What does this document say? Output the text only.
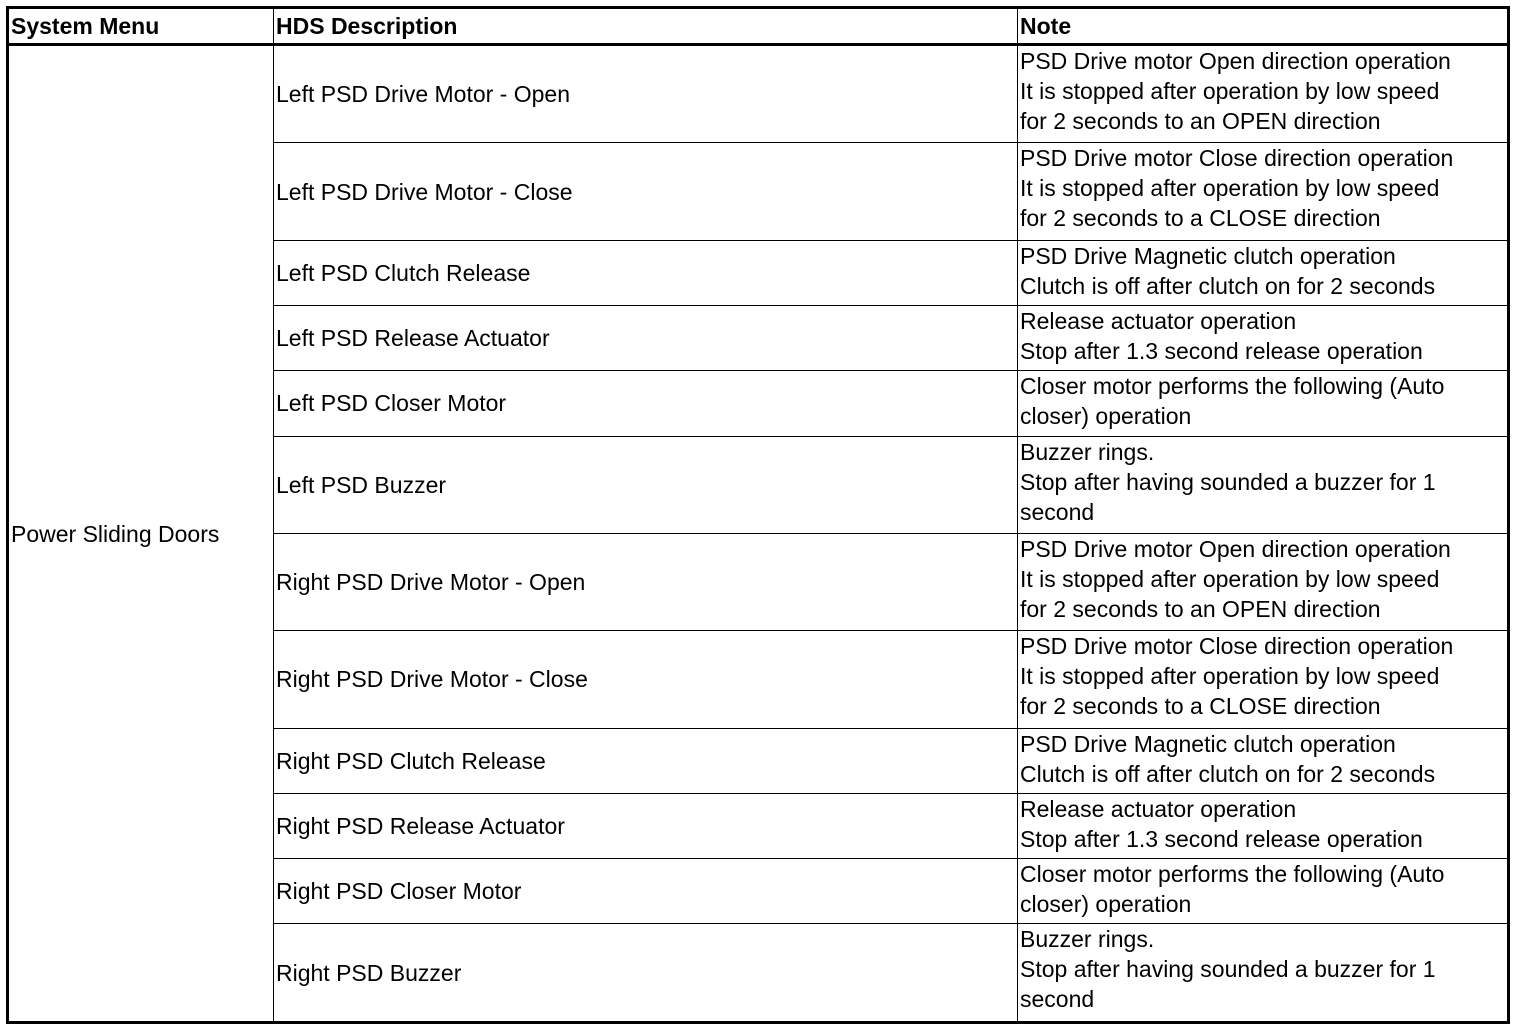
System Menu	HDS Description	Note
Power Sliding Doors	Left PSD Drive Motor - Open	PSD Drive motor Open direction operation
It is stopped after operation by low speed
for 2 seconds to an OPEN direction

	Left PSD Drive Motor - Close	PSD Drive motor Close direction operation
It is stopped after operation by low speed
for 2 seconds to a CLOSE direction

	Left PSD Clutch Release	PSD Drive Magnetic clutch operation
Clutch is off after clutch on for 2 seconds

	Left PSD Release Actuator	Release actuator operation
Stop after 1.3 second release operation

	Left PSD Closer Motor	Closer motor performs the following (Auto
closer) operation

	Left PSD Buzzer	Buzzer rings.
Stop after having sounded a buzzer for 1
second

	Right PSD Drive Motor - Open	PSD Drive motor Open direction operation
It is stopped after operation by low speed
for 2 seconds to an OPEN direction

	Right PSD Drive Motor - Close	PSD Drive motor Close direction operation
It is stopped after operation by low speed
for 2 seconds to a CLOSE direction

	Right PSD Clutch Release	PSD Drive Magnetic clutch operation
Clutch is off after clutch on for 2 seconds

	Right PSD Release Actuator	Release actuator operation
Stop after 1.3 second release operation

	Right PSD Closer Motor	Closer motor performs the following (Auto
closer) operation

	Right PSD Buzzer	Buzzer rings.
Stop after having sounded a buzzer for 1
second
